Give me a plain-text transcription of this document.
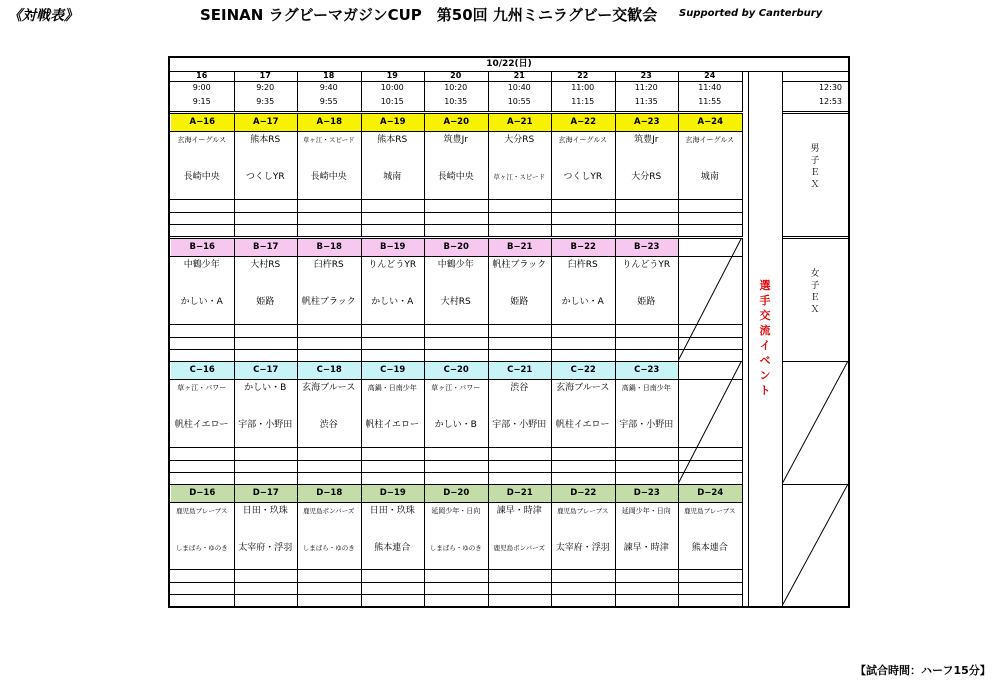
《対戦表》	SEINAN ラグビーマガジンCUP　第50回 九州ミニラグビー交歓会 Supported by Canterbury
10/22(日)
16
9:00
9:15
17
9:20
9:35
18
9:40
9:55
19
10:00
10:15
20
10:20
10:35
21
10:40
10:55
22
11:00
11:15
23
11:20
11:35
24
11:40
11:55
12:30
12:53
A−16
玄海イーグルス
長崎中央
A−17
熊本RS
つくしYR
A−18
草ヶ江・スピード
長崎中央
A−19
熊本RS
城南
A−20
筑豊Jr
長崎中央
A−21
大分RS
草ヶ江・スピード
A−22
玄海イーグルス
つくしYR
A−23
筑豊Jr
大分RS
A−24
玄海イーグルス
城南
男
子
Ｅ
Ｘ
B−16
中鶴少年
かしい・A
B−17
大村RS
姫路
B−18
臼杵RS
帆柱ブラック
B−19
りんどうYR
かしい・A
B−20
中鶴少年
大村RS
B−21
帆柱ブラック
姫路
B−22
臼杵RS
かしい・A
B−23
りんどうYR
姫路
女
子
Ｅ
Ｘ
C−16
草ヶ江・パワー
帆柱イエロー
C−17
かしい・B
宇部・小野田
C−18
玄海ブルース
渋谷
C−19
高鍋・日南少年
帆柱イエロー
C−20
草ヶ江・パワー
かしい・B
C−21
渋谷
宇部・小野田
C−22
玄海ブルース
帆柱イエロー
C−23
高鍋・日南少年
宇部・小野田
D−16
鹿児島ブレーブス
しまばら・ゆのき
D−17
日田・玖珠
太宰府・浮羽
D−18
鹿児島ボンバーズ
しまばら・ゆのき
D−19
日田・玖珠
熊本連合
D−20
延岡少年・日向
しまばら・ゆのき
D−21
諫早・時津
鹿児島ボンバーズ
D−22
鹿児島ブレーブス
太宰府・浮羽
D−23
延岡少年・日向
諫早・時津
D−24
鹿児島ブレーブス
熊本連合
選
手
交
流
イ
ベ
ン
ト
【試合時間：ハーフ15分】
